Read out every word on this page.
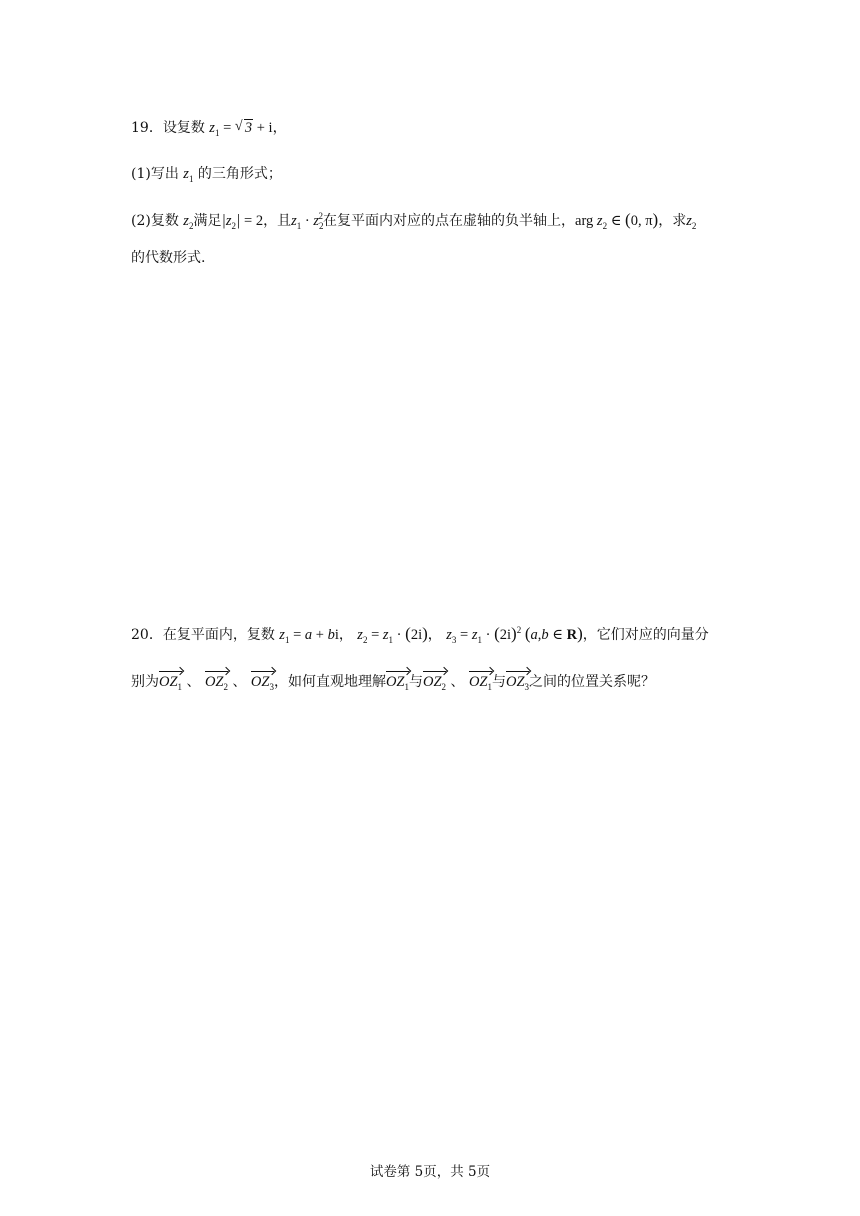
19．设复数 $z_1$ = √ 3 + i，
(1)写出 $z_1$ 的三角形式；
(2)复数 $z_2$满足$|z_2| = 2$，且$z_1 \cdot z_2^2$在复平面内对应的点在虚轴的负半轴上，arg $z_2$ ∈ (0, π)，求$z_2$
的代数形式.
20．在复平面内，复数 $z_1 = a$ + bi， $z_2 = z_1 \cdot (2i)$， $z_3 = z_1 \cdot (2i)^2$ (a,b ∈ R)，它们对应的向量分
别为$OZ_1$ 、 $OZ_2$ 、 $OZ_3$，如何直观地理解$OZ_1$与$OZ_2$ 、 $OZ_1$与$OZ_3$之间的位置关系呢？
试卷第 5页，共 5页
